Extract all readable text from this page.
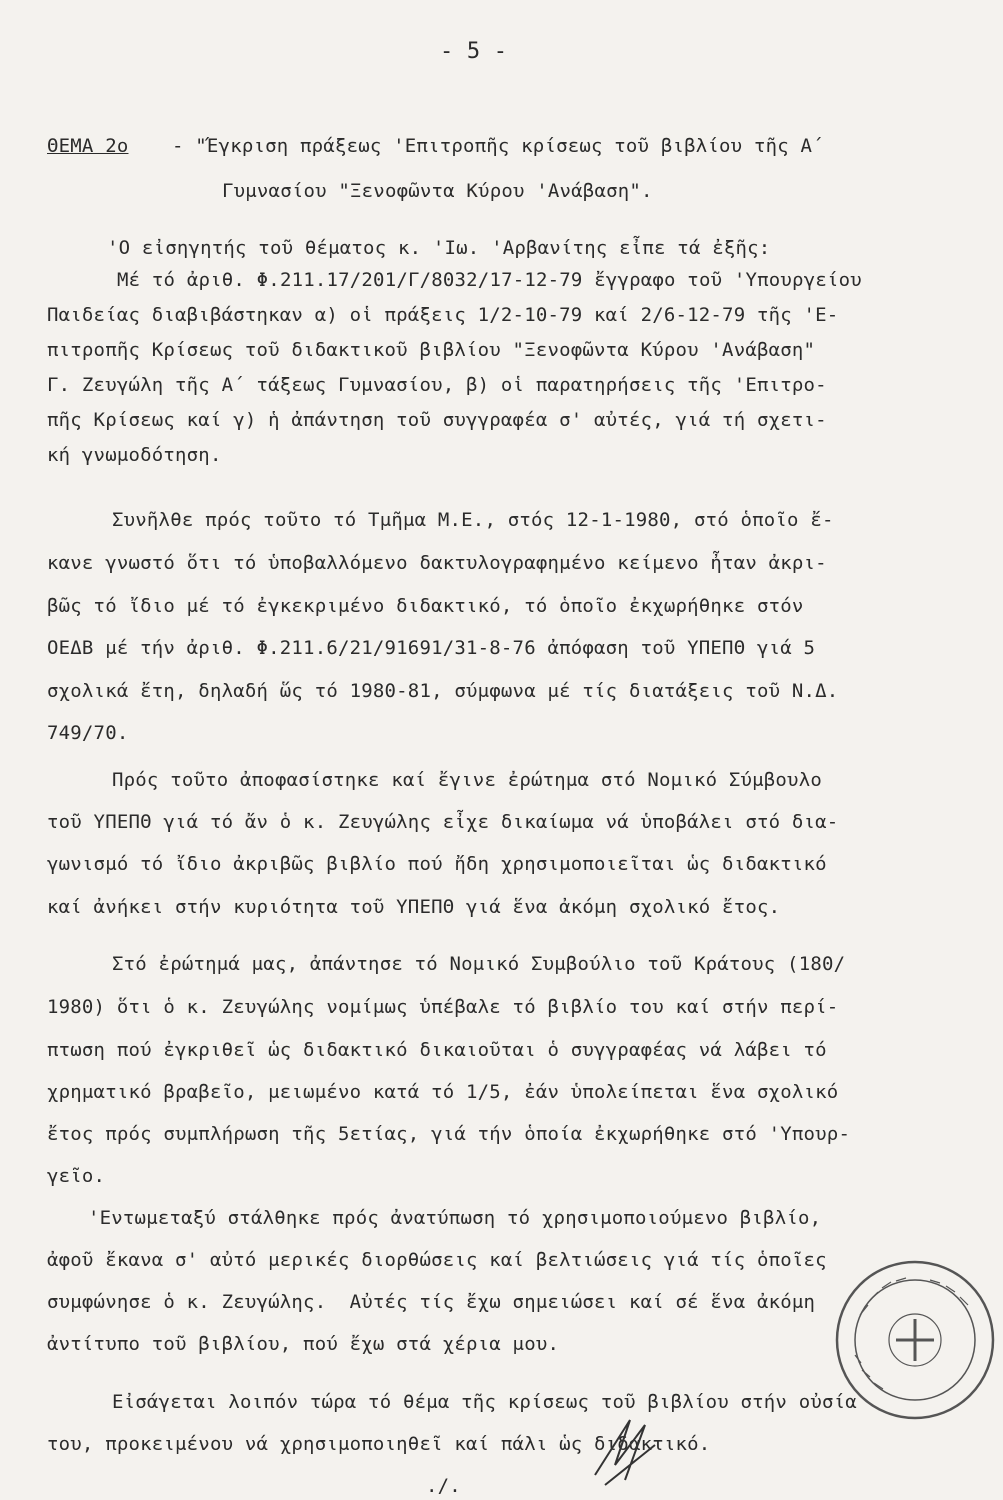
- 5 -
ΘΕΜΑ 2ο - "Έγκριση πράξεως 'Επιτροπῆς κρίσεως τοῦ βιβλίου τῆς Α΄
Γυμνασίου "Ξενοφῶντα Κύρου 'Ανάβαση".
'Ο εἰσηγητής τοῦ θέματος κ. 'Ιω. 'Αρβανίτης εἶπε τά ἐξῆς:
Μέ τό ἀριθ. Φ.211.17/201/Γ/8032/17-12-79 ἔγγραφο τοῦ 'Υπουργείου
Παιδείας διαβιβάστηκαν α) οἱ πράξεις 1/2-10-79 καί 2/6-12-79 τῆς 'Ε-
πιτροπῆς Κρίσεως τοῦ διδακτικοῦ βιβλίου "Ξενοφῶντα Κύρου 'Ανάβαση"
Γ. Ζευγώλη τῆς Α΄ τάξεως Γυμνασίου, β) οἱ παρατηρήσεις τῆς 'Επιτρο-
πῆς Κρίσεως καί γ) ἡ ἀπάντηση τοῦ συγγραφέα σ' αὐτές, γιά τή σχετι-
κή γνωμοδότηση.
Συνῆλθε πρός τοῦτο τό Τμῆμα Μ.Ε., στός 12-1-1980, στό ὁποῖο ἔ-
κανε γνωστό ὅτι τό ὑποβαλλόμενο δακτυλογραφημένο κείμενο ἦταν ἀκρι-
βῶς τό ἴδιο μέ τό ἐγκεκριμένο διδακτικό, τό ὁποῖο ἐκχωρήθηκε στόν
ΟΕΔΒ μέ τήν ἀριθ. Φ.211.6/21/91691/31-8-76 ἀπόφαση τοῦ ΥΠΕΠΘ γιά 5
σχολικά ἔτη, δηλαδή ὥς τό 1980-81, σύμφωνα μέ τίς διατάξεις τοῦ Ν.Δ.
749/70.
Πρός τοῦτο ἀποφασίστηκε καί ἔγινε ἐρώτημα στό Νομικό Σύμβουλο
τοῦ ΥΠΕΠΘ γιά τό ἄν ὁ κ. Ζευγώλης εἶχε δικαίωμα νά ὑποβάλει στό δια-
γωνισμό τό ἴδιο ἀκριβῶς βιβλίο πού ἤδη χρησιμοποιεῖται ὡς διδακτικό
καί ἀνήκει στήν κυριότητα τοῦ ΥΠΕΠΘ γιά ἕνα ἀκόμη σχολικό ἔτος.
Στό ἐρώτημά μας, ἀπάντησε τό Νομικό Συμβούλιο τοῦ Κράτους (180/
1980) ὅτι ὁ κ. Ζευγώλης νομίμως ὑπέβαλε τό βιβλίο του καί στήν περί-
πτωση πού ἐγκριθεῖ ὡς διδακτικό δικαιοῦται ὁ συγγραφέας νά λάβει τό
χρηματικό βραβεῖο, μειωμένο κατά τό 1/5, ἐάν ὑπολείπεται ἕνα σχολικό
ἔτος πρός συμπλήρωση τῆς 5ετίας, γιά τήν ὁποία ἐκχωρήθηκε στό 'Υπουρ-
γεῖο.
'Εντωμεταξύ στάλθηκε πρός ἀνατύπωση τό χρησιμοποιούμενο βιβλίο,
ἀφοῦ ἔκανα σ' αὐτό μερικές διορθώσεις καί βελτιώσεις γιά τίς ὁποῖες
συμφώνησε ὁ κ. Ζευγώλης.  Αὐτές τίς ἔχω σημειώσει καί σέ ἕνα ἀκόμη
ἀντίτυπο τοῦ βιβλίου, πού ἔχω στά χέρια μου.
Εἰσάγεται λοιπόν τώρα τό θέμα τῆς κρίσεως τοῦ βιβλίου στήν οὐσία
του, προκειμένου νά χρησιμοποιηθεῖ καί πάλι ὡς διδακτικό.
./.
